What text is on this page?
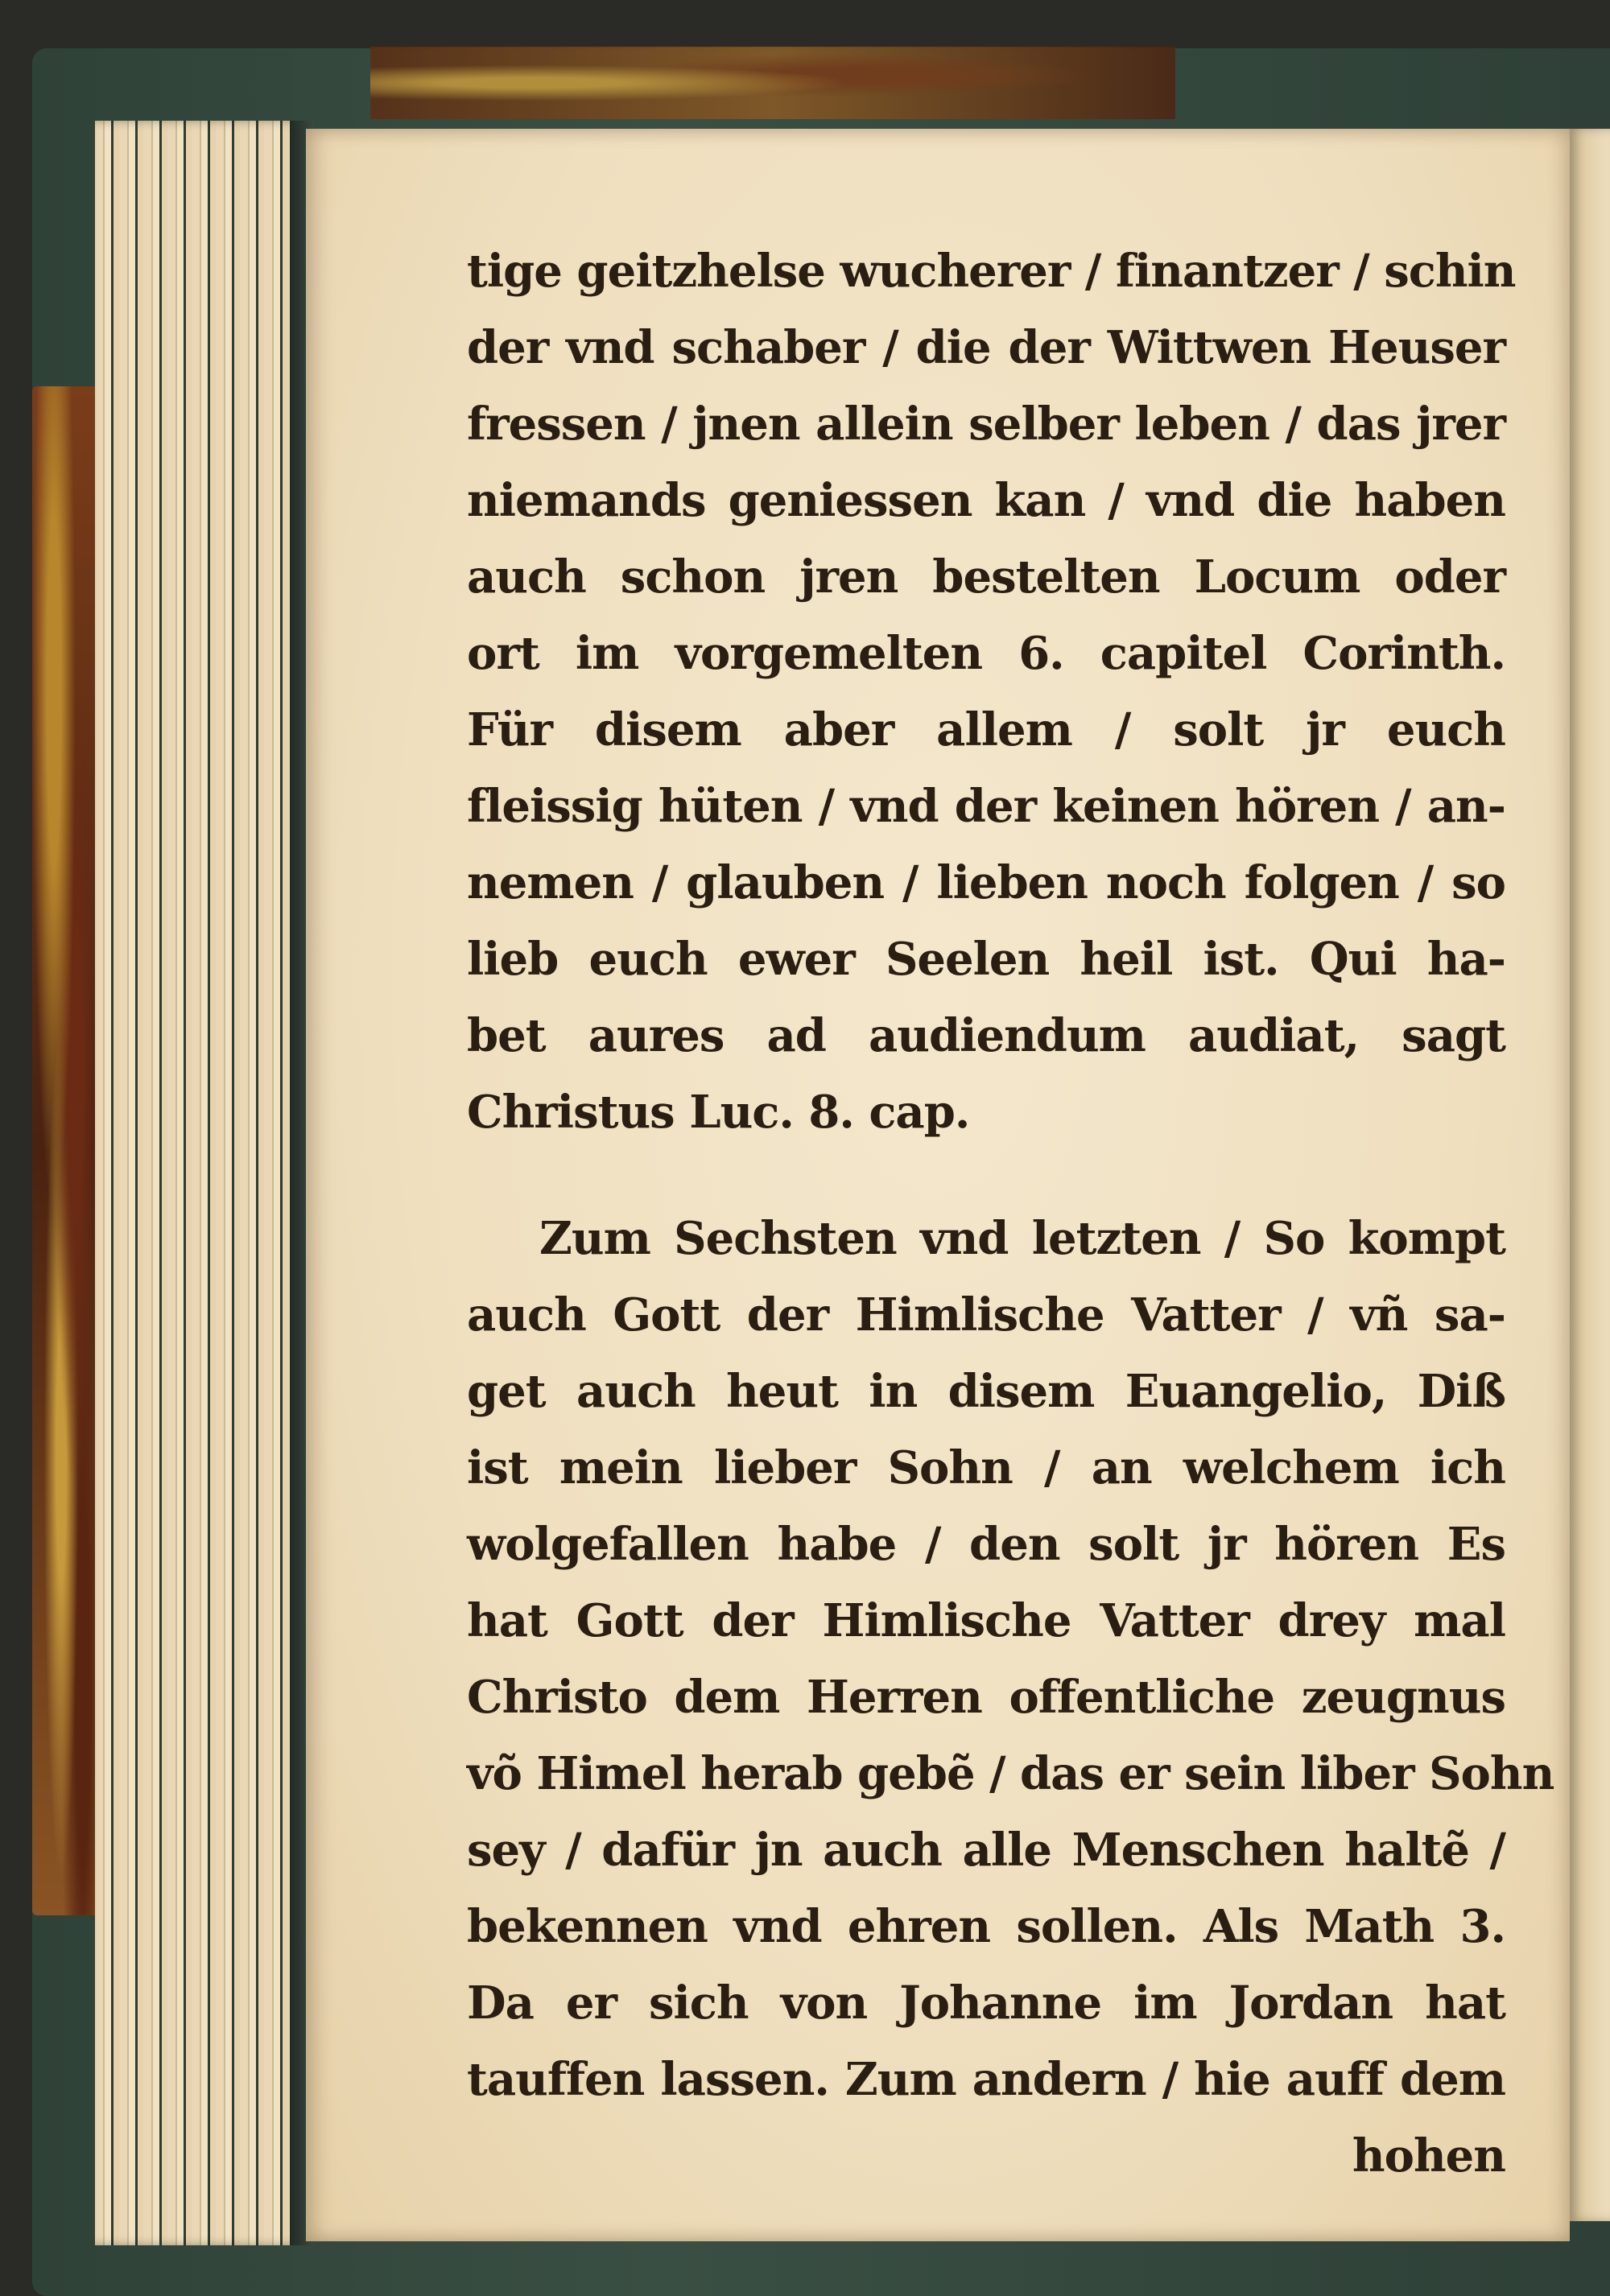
tige geitzhelse wucherer / finantzer / schin
der vnd schaber / die der Wittwen Heuser
fressen / jnen allein selber leben / das jrer
niemands geniessen kan / vnd die haben
auch schon jren bestelten Locum oder
ort im vorgemelten 6. capitel Corinth.
Für disem aber allem / solt jr euch
fleissig hüten / vnd der keinen hören / an-
nemen / glauben / lieben noch folgen / so
lieb euch ewer Seelen heil ist. Qui ha-
bet aures ad audiendum audiat, sagt
Christus Luc. 8. cap.
Zum Sechsten vnd letzten / So kompt
auch Gott der Himlische Vatter / vñ sa-
get auch heut in disem Euangelio, Diß
ist mein lieber Sohn / an welchem ich
wolgefallen habe / den solt jr hören Es
hat Gott der Himlische Vatter drey mal
Christo dem Herren offentliche zeugnus
võ Himel herab gebẽ / das er sein liber Sohn
sey / dafür jn auch alle Menschen haltẽ /
bekennen vnd ehren sollen. Als Math 3.
Da er sich von Johanne im Jordan hat
tauffen lassen. Zum andern / hie auff dem
hohen
